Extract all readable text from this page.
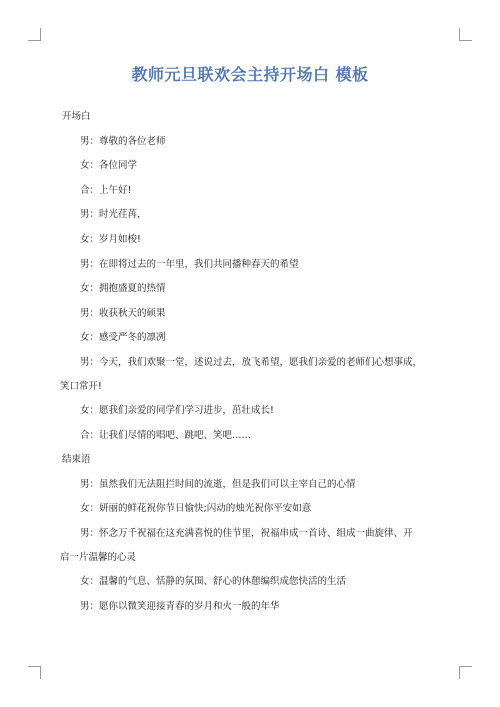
教师元旦联欢会主持开场白 模板
开场白
男：尊敬的各位老师
女：各位同学
合：上午好!
男：时光荏苒，
女：岁月如梭!
男：在即将过去的一年里，我们共同播种春天的希望
女：拥抱盛夏的热情
男：收获秋天的硕果
女：感受严冬的凛冽
男：今天，我们欢聚一堂，述说过去，放飞希望，愿我们亲爱的老师们心想事成，
笑口常开!
女：愿我们亲爱的同学们学习进步，茁壮成长!
合：让我们尽情的唱吧、跳吧、笑吧……
结束语
男：虽然我们无法阻拦时间的流逝，但是我们可以主宰自己的心情
女：妍丽的鲜花祝你节日愉快;闪动的烛光祝你平安如意
男：怀念万千祝福在这充满喜悦的佳节里，祝福串成一首诗、组成一曲旋律、开
启一片温馨的心灵
女：温馨的气息、恬静的氛围、舒心的休憩编织成您快活的生活
男：愿你以微笑迎接青春的岁月和火一般的年华
